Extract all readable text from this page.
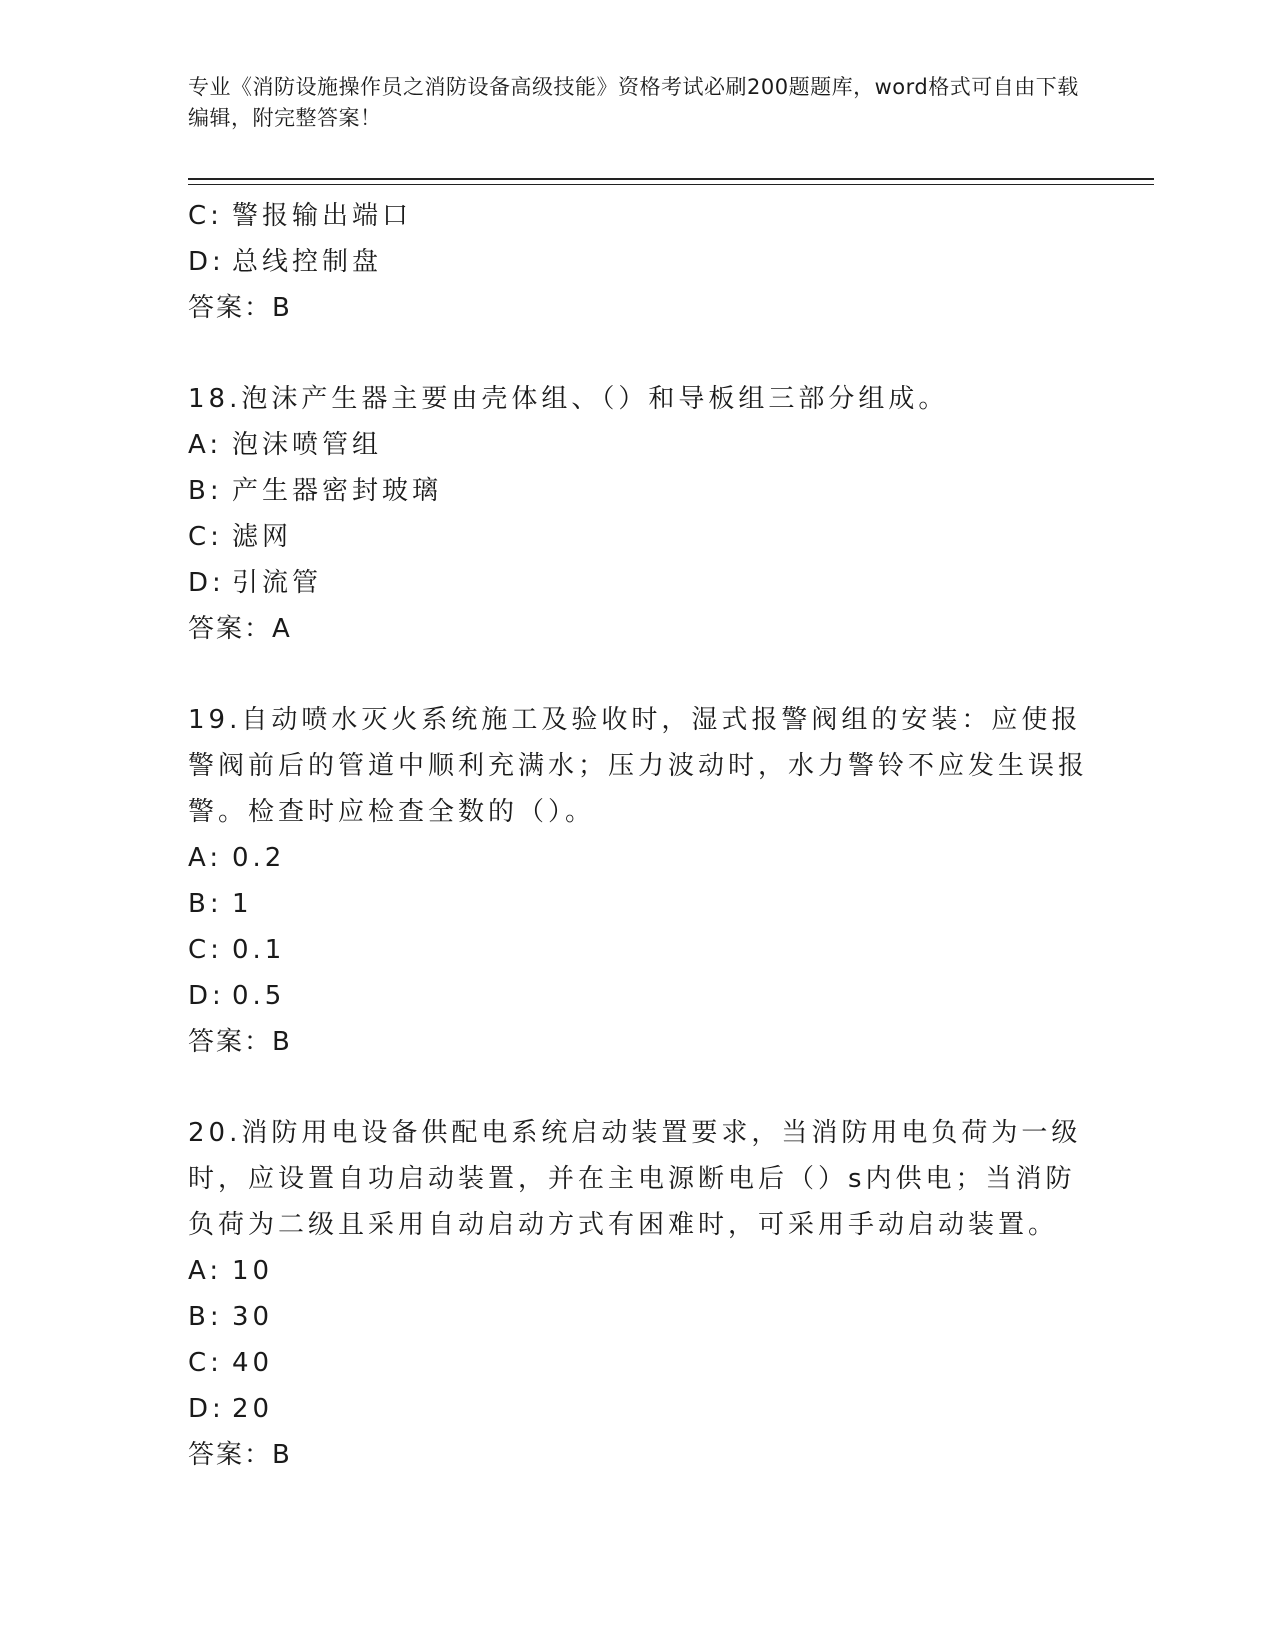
专业《消防设施操作员之消防设备高级技能》资格考试必刷200题题库，word格式可自由下载编辑，附完整答案！

C: 警报输出端口

D: 总线控制盘

答案：B

18.泡沫产生器主要由壳体组、（）和导板组三部分组成。

A: 泡沫喷管组

B: 产生器密封玻璃

C: 滤网

D: 引流管

答案：A

19.自动喷水灭火系统施工及验收时，湿式报警阀组的安装：应使报警阀前后的管道中顺利充满水；压力波动时，水力警铃不应发生误报警。检查时应检查全数的（）。

A: 0.2

B: 1

C: 0.1

D: 0.5

答案：B

20.消防用电设备供配电系统启动装置要求，当消防用电负荷为一级时，应设置自功启动装置，并在主电源断电后（）s内供电；当消防负荷为二级且采用自动启动方式有困难时，可采用手动启动装置。

A: 10

B: 30

C: 40

D: 20

答案：B
